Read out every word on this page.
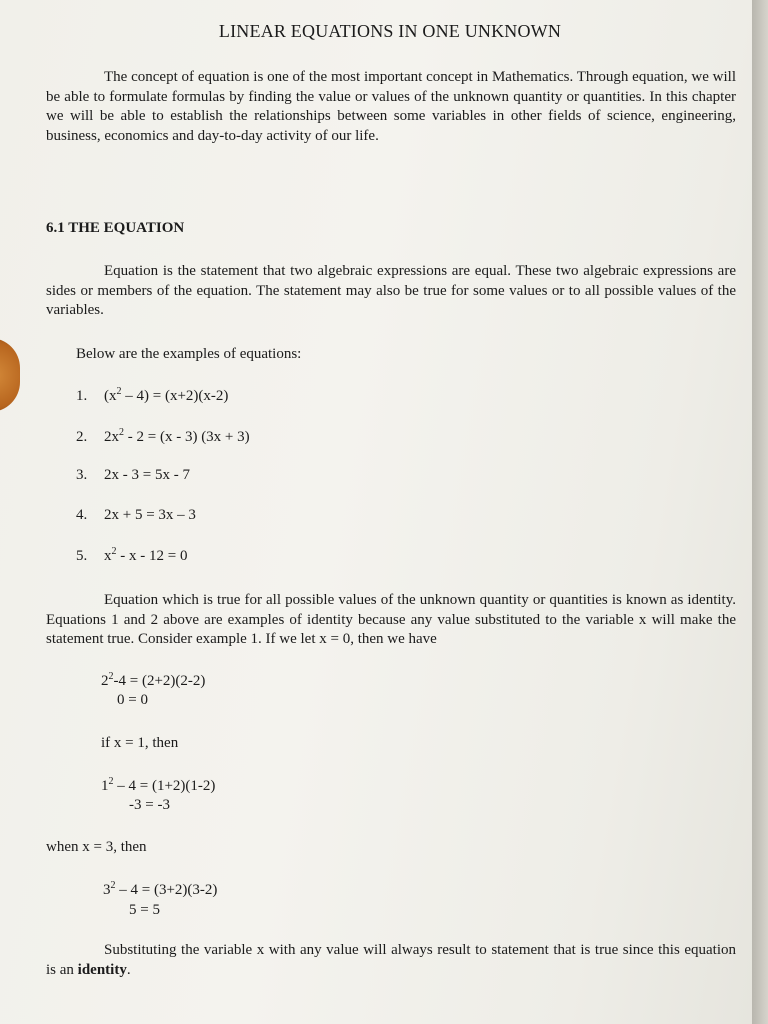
LINEAR EQUATIONS IN ONE UNKNOWN
The concept of equation is one of the most important concept in Mathematics. Through equation, we will be able to formulate formulas by finding the value or values of the unknown quantity or quantities. In this chapter we will be able to establish the relationships between some variables in other fields of science, engineering, business, economics and day-to-day activity of our life.
6.1 THE EQUATION
Equation is the statement that two algebraic expressions are equal. These two algebraic expressions are sides or members of the equation. The statement may also be true for some values or to all possible values of the variables.
Below are the examples of equations:
1. $(x^2 - 4) = (x+2)(x-2)$
2. $2x^2 - 2 = (x - 3) (3x + 3)$
3. 2x - 3 = 5x - 7
4. 2x + 5 = 3x – 3
5. $x^2 - x - 12 = 0$
Equation which is true for all possible values of the unknown quantity or quantities is known as identity. Equations 1 and 2 above are examples of identity because any value substituted to the variable x will make the statement true. Consider example 1. If we let x = 0, then we have
$2^2-4 = (2+2)(2-2)$
0 = 0
if x = 1, then
$1^2 - 4 = (1+2)(1-2)$
-3 = -3
when x = 3, then
$3^2 - 4 = (3+2)(3-2)$
5 = 5
Substituting the variable x with any value will always result to statement that is true since this equation is an identity.
